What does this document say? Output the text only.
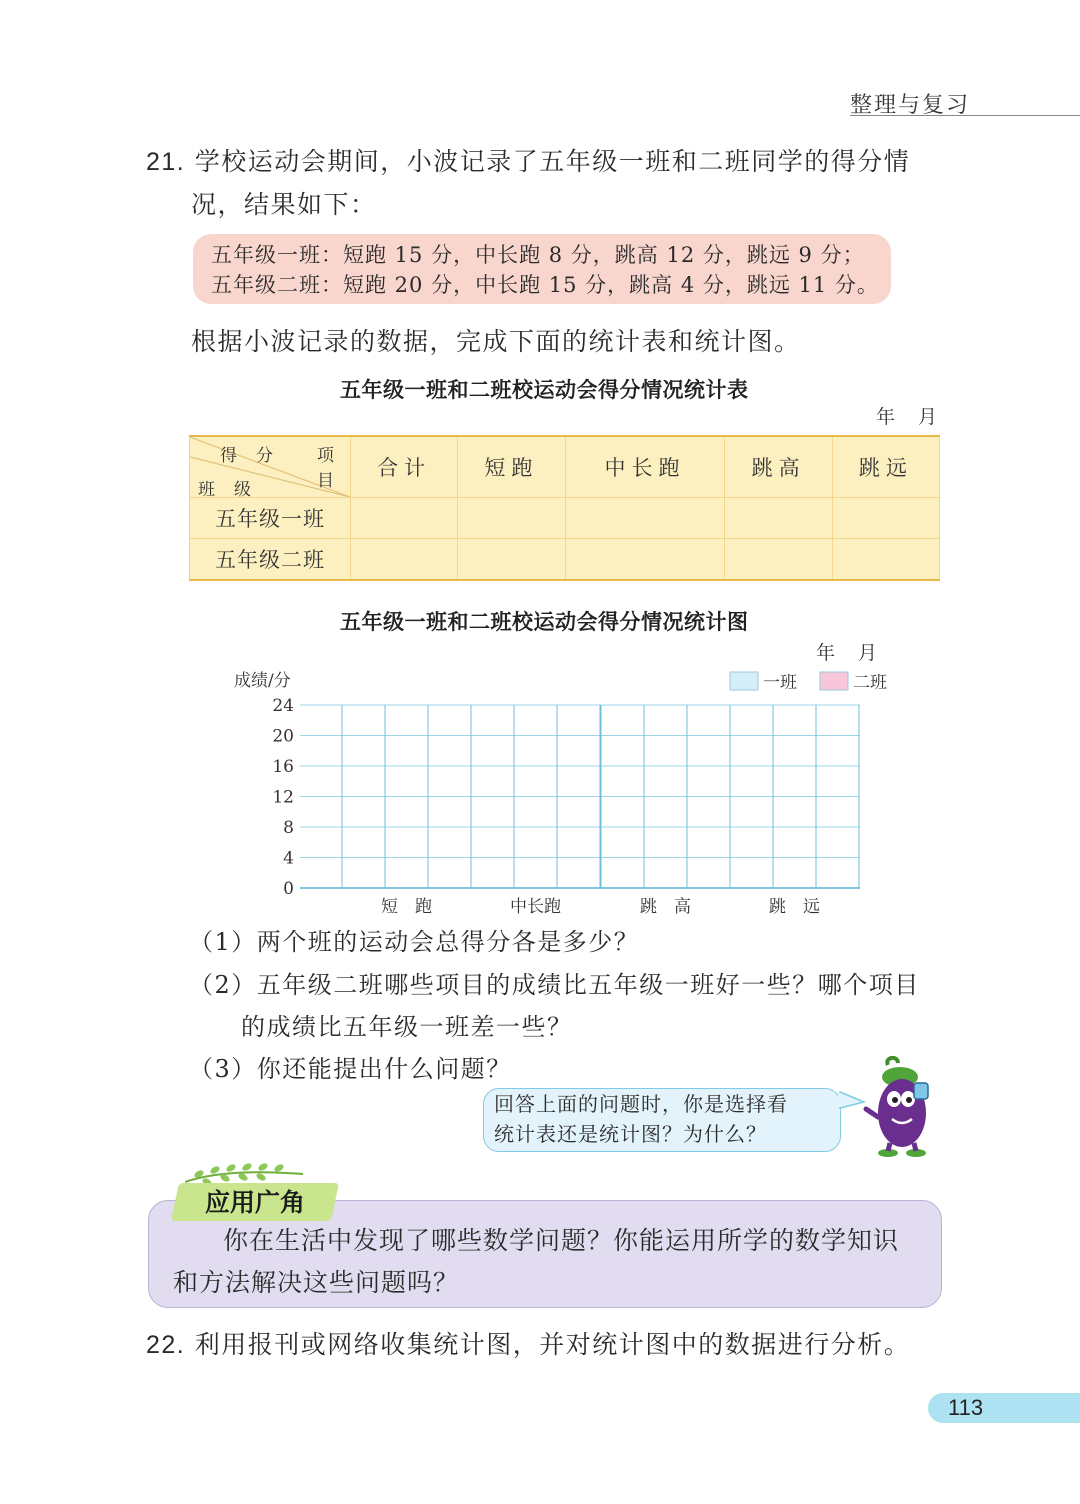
整理与复习
21. 学校运动会期间，小波记录了五年级一班和二班同学的得分情
况，结果如下：
五年级一班：短跑 15 分，中长跑 8 分，跳高 12 分，跳远 9 分；
五年级二班：短跑 20 分，中长跑 15 分，跳高 4 分，跳远 11 分。
根据小波记录的数据，完成下面的统计表和统计图。
五年级一班和二班校运动会得分情况统计表
年　月
项　目
得　分
班　级	合计	短跑	中长跑	跳高	跳远
五年级一班					
五年级二班					
五年级一班和二班校运动会得分情况统计图
年　月
成绩/分
0
4
8
12
16
20
24
短　跑	中长跑	跳　高	跳　远
一班	二班
（1）两个班的运动会总得分各是多少？
（2）五年级二班哪些项目的成绩比五年级一班好一些？哪个项目
的成绩比五年级一班差一些？
（3）你还能提出什么问题？
回答上面的问题时，你是选择看
统计表还是统计图？为什么？
你在生活中发现了哪些数学问题？你能运用所学的数学知识
和方法解决这些问题吗？
应用广角
22. 利用报刊或网络收集统计图，并对统计图中的数据进行分析。
113
